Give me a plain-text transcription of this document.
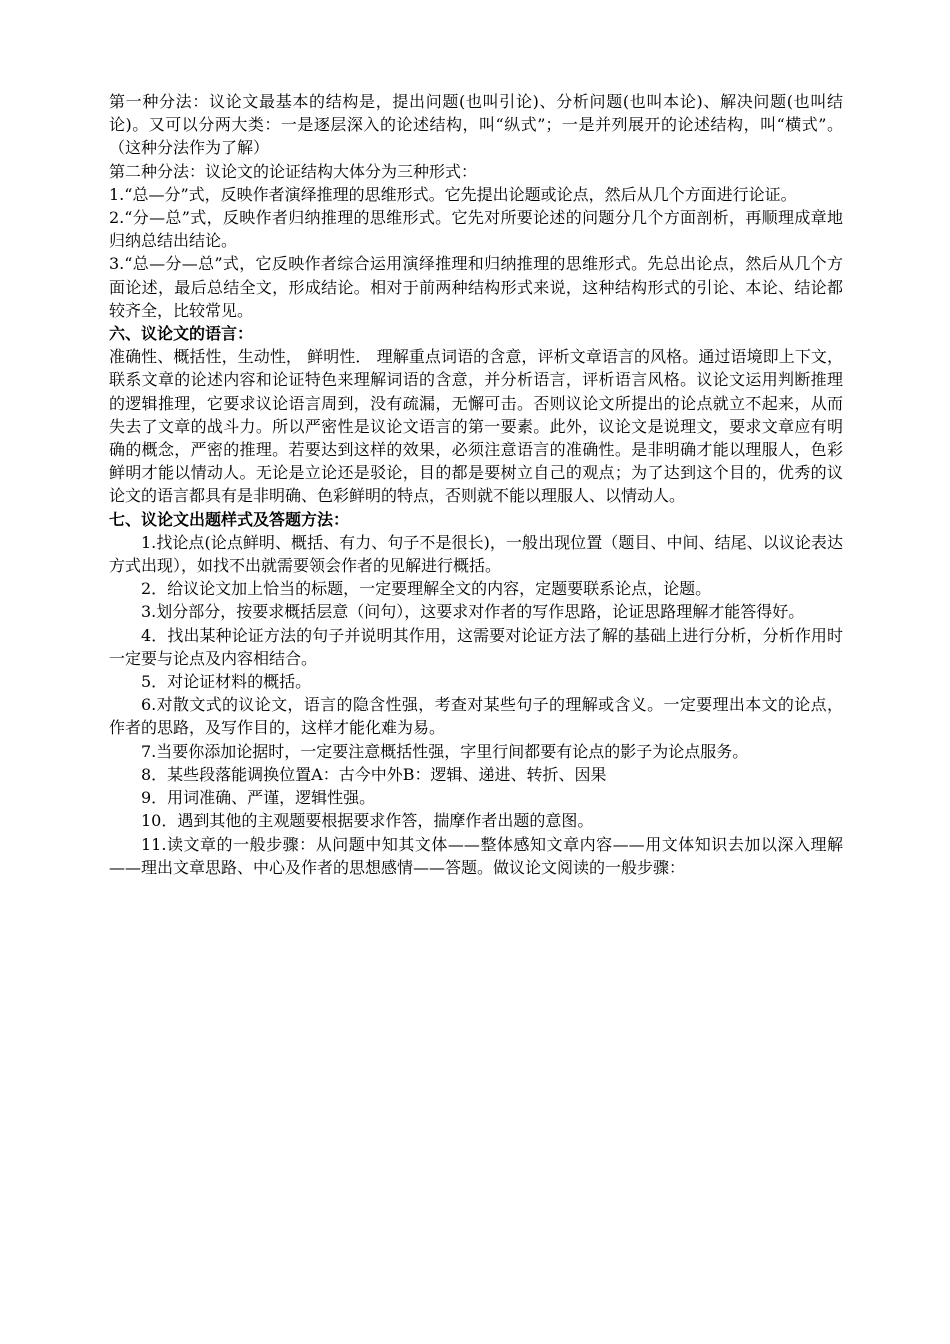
第一种分法：议论文最基本的结构是，提出问题(也叫引论)、分析问题(也叫本论)、解决问题(也叫结论)。又可以分两大类：一是逐层深入的论述结构，叫“纵式”；一是并列展开的论述结构，叫“横式”。（这种分法作为了解）

第二种分法：议论文的论证结构大体分为三种形式：

1.“总—分”式，反映作者演绎推理的思维形式。它先提出论题或论点，然后从几个方面进行论证。

2.“分—总”式，反映作者归纳推理的思维形式。它先对所要论述的问题分几个方面剖析，再顺理成章地归纳总结出结论。

3.“总—分—总”式，它反映作者综合运用演绎推理和归纳推理的思维形式。先总出论点，然后从几个方面论述，最后总结全文，形成结论。相对于前两种结构形式来说，这种结构形式的引论、本论、结论都较齐全，比较常见。

六、议论文的语言：

准确性、概括性，生动性， 鲜明性． 理解重点词语的含意，评析文章语言的风格。通过语境即上下文，联系文章的论述内容和论证特色来理解词语的含意，并分析语言，评析语言风格。议论文运用判断推理的逻辑推理，它要求议论语言周到，没有疏漏，无懈可击。否则议论文所提出的论点就立不起来，从而失去了文章的战斗力。所以严密性是议论文语言的第一要素。此外，议论文是说理文，要求文章应有明确的概念，严密的推理。若要达到这样的效果，必须注意语言的准确性。是非明确才能以理服人，色彩鲜明才能以情动人。无论是立论还是驳论，目的都是要树立自己的观点；为了达到这个目的，优秀的议论文的语言都具有是非明确、色彩鲜明的特点，否则就不能以理服人、以情动人。

七、议论文出题样式及答题方法：

1.找论点(论点鲜明、概括、有力、句子不是很长)，一般出现位置（题目、中间、结尾、以议论表达方式出现），如找不出就需要领会作者的见解进行概括。

2．给议论文加上恰当的标题，一定要理解全文的内容，定题要联系论点，论题。

3.划分部分，按要求概括层意（问句），这要求对作者的写作思路，论证思路理解才能答得好。

4．找出某种论证方法的句子并说明其作用，这需要对论证方法了解的基础上进行分析，分析作用时一定要与论点及内容相结合。

5．对论证材料的概括。

6.对散文式的议论文，语言的隐含性强，考查对某些句子的理解或含义。一定要理出本文的论点，作者的思路，及写作目的，这样才能化难为易。

7.当要你添加论据时，一定要注意概括性强，字里行间都要有论点的影子为论点服务。

8．某些段落能调换位置A：古今中外B：逻辑、递进、转折、因果

9．用词准确、严谨，逻辑性强。

10．遇到其他的主观题要根据要求作答，揣摩作者出题的意图。

11.读文章的一般步骤：从问题中知其文体——整体感知文章内容——用文体知识去加以深入理解——理出文章思路、中心及作者的思想感情——答题。做议论文阅读的一般步骤：
